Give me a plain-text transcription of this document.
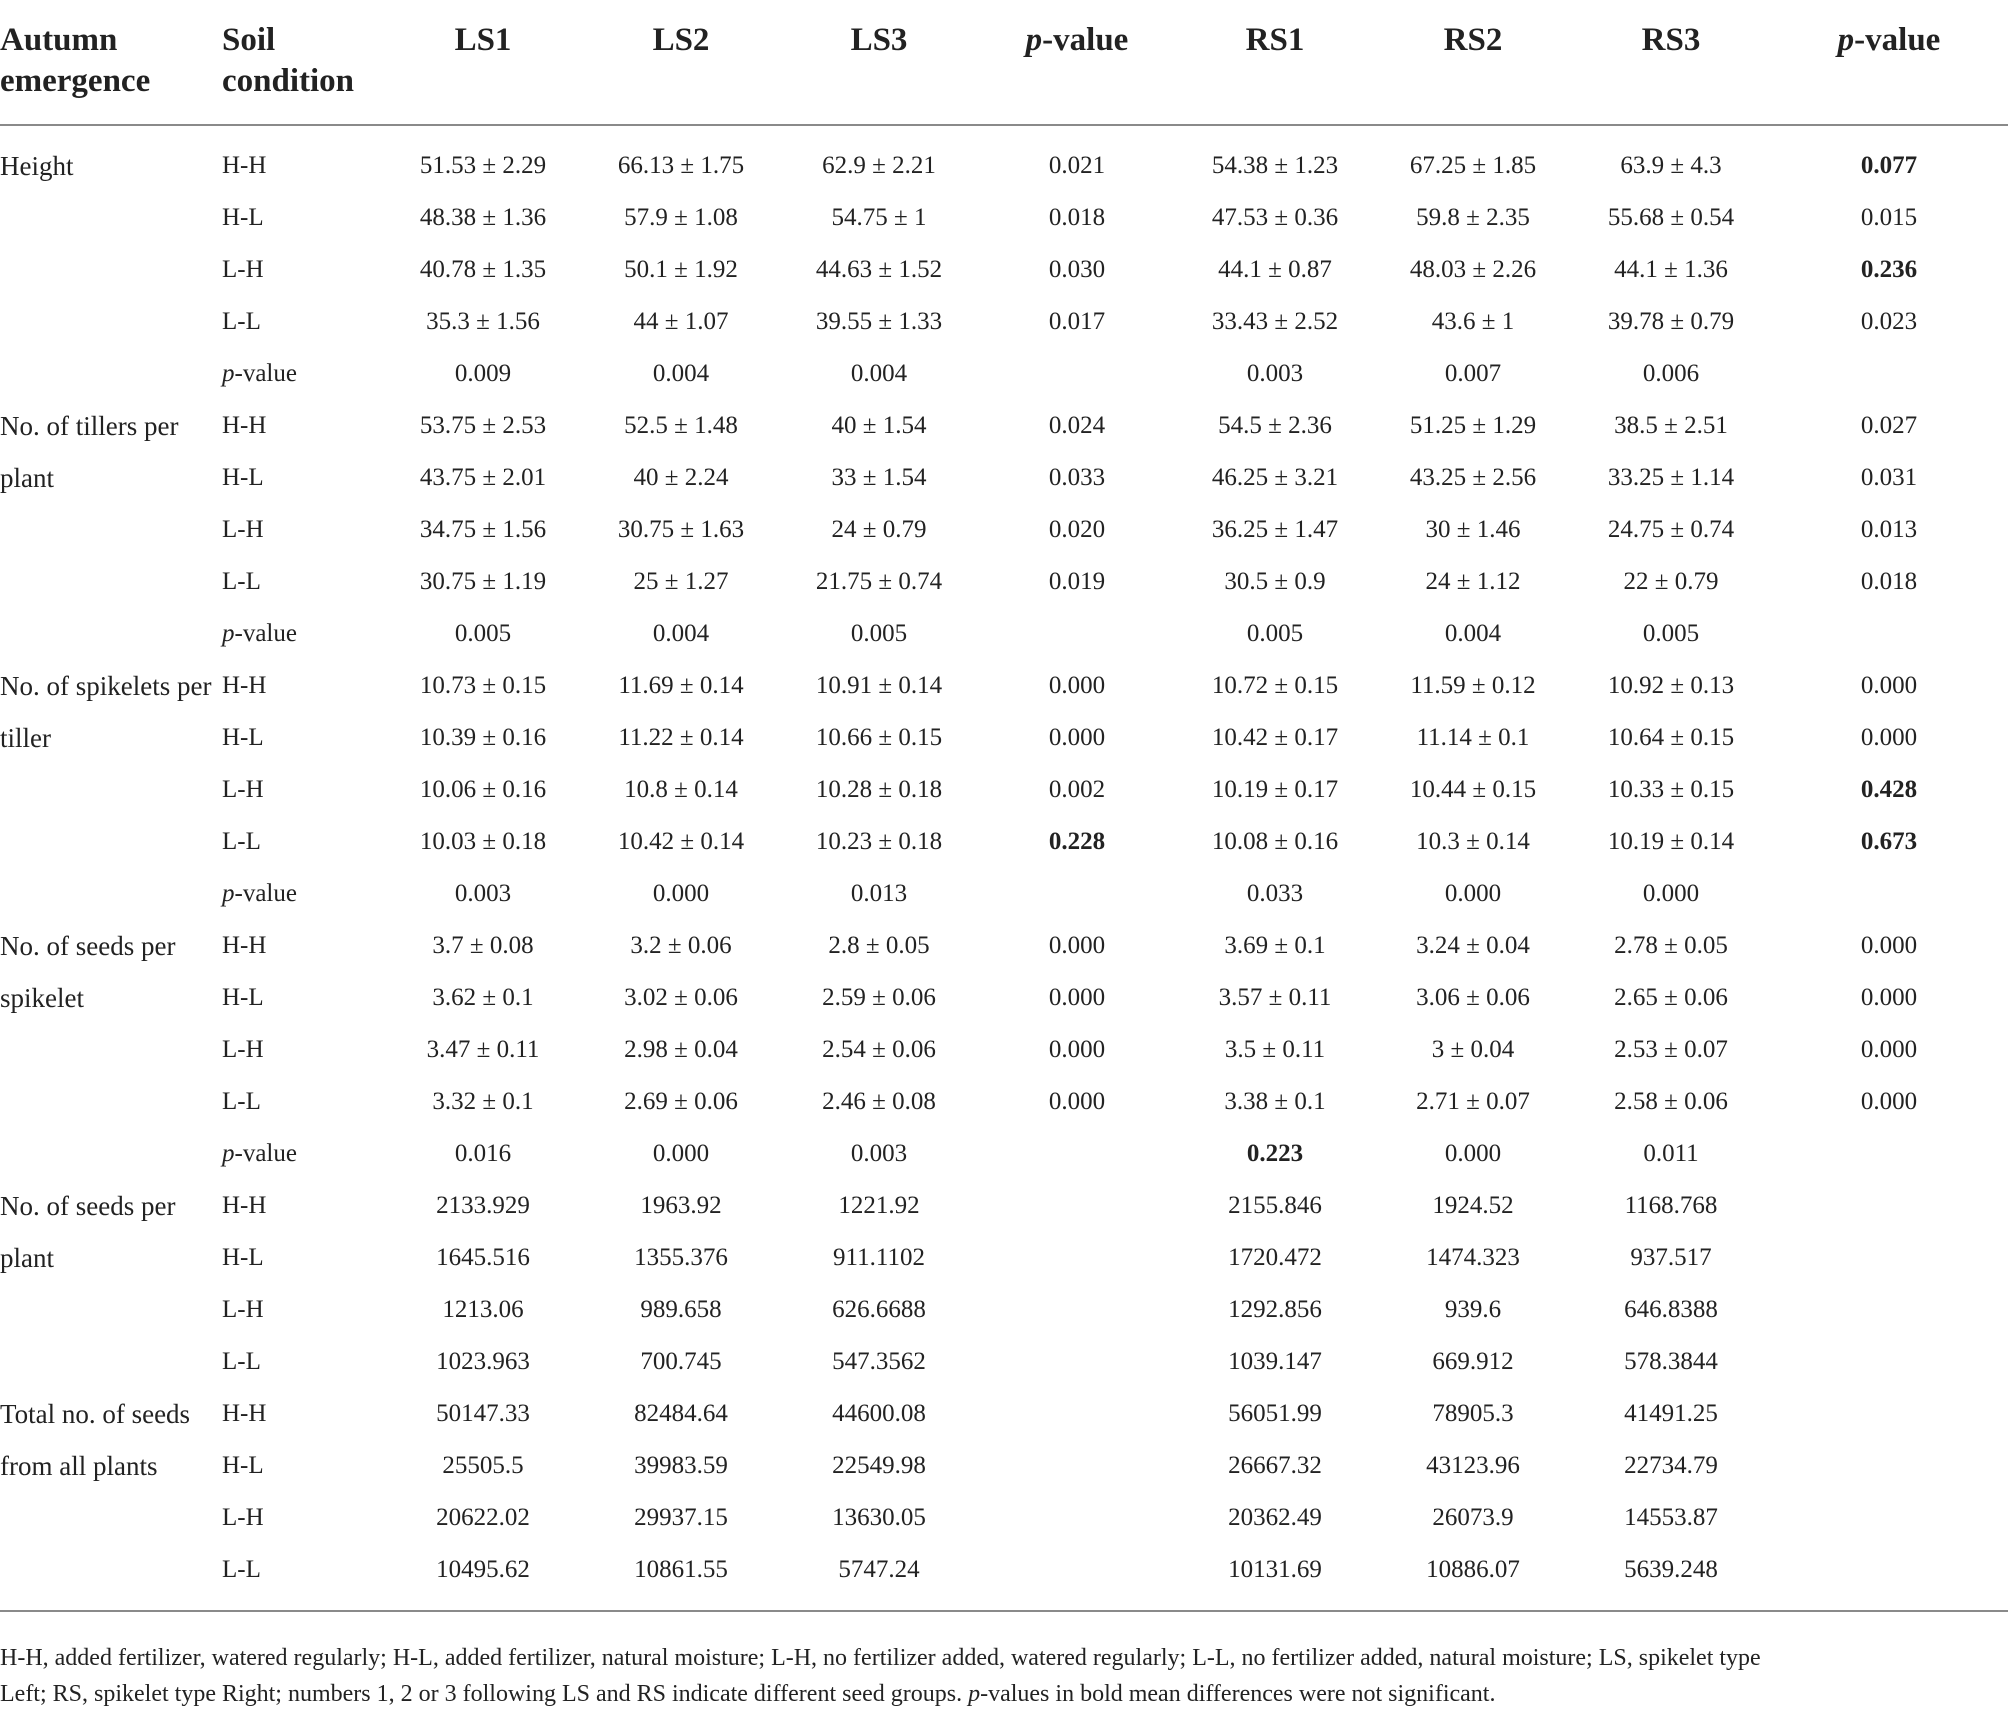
Autumn emergence	Soil condition	LS1	LS2	LS3	p-value	RS1	RS2	RS3	p-value
Height	H-H	51.53 ± 2.29	66.13 ± 1.75	62.9 ± 2.21	0.021	54.38 ± 1.23	67.25 ± 1.85	63.9 ± 4.3	0.077
	H-L	48.38 ± 1.36	57.9 ± 1.08	54.75 ± 1	0.018	47.53 ± 0.36	59.8 ± 2.35	55.68 ± 0.54	0.015
	L-H	40.78 ± 1.35	50.1 ± 1.92	44.63 ± 1.52	0.030	44.1 ± 0.87	48.03 ± 2.26	44.1 ± 1.36	0.236
	L-L	35.3 ± 1.56	44 ± 1.07	39.55 ± 1.33	0.017	33.43 ± 2.52	43.6 ± 1	39.78 ± 0.79	0.023
	p-value	0.009	0.004	0.004		0.003	0.007	0.006	
No. of tillers per plant	H-H	53.75 ± 2.53	52.5 ± 1.48	40 ± 1.54	0.024	54.5 ± 2.36	51.25 ± 1.29	38.5 ± 2.51	0.027
	H-L	43.75 ± 2.01	40 ± 2.24	33 ± 1.54	0.033	46.25 ± 3.21	43.25 ± 2.56	33.25 ± 1.14	0.031
	L-H	34.75 ± 1.56	30.75 ± 1.63	24 ± 0.79	0.020	36.25 ± 1.47	30 ± 1.46	24.75 ± 0.74	0.013
	L-L	30.75 ± 1.19	25 ± 1.27	21.75 ± 0.74	0.019	30.5 ± 0.9	24 ± 1.12	22 ± 0.79	0.018
	p-value	0.005	0.004	0.005		0.005	0.004	0.005	
No. of spikelets per tiller	H-H	10.73 ± 0.15	11.69 ± 0.14	10.91 ± 0.14	0.000	10.72 ± 0.15	11.59 ± 0.12	10.92 ± 0.13	0.000
	H-L	10.39 ± 0.16	11.22 ± 0.14	10.66 ± 0.15	0.000	10.42 ± 0.17	11.14 ± 0.1	10.64 ± 0.15	0.000
	L-H	10.06 ± 0.16	10.8 ± 0.14	10.28 ± 0.18	0.002	10.19 ± 0.17	10.44 ± 0.15	10.33 ± 0.15	0.428
	L-L	10.03 ± 0.18	10.42 ± 0.14	10.23 ± 0.18	0.228	10.08 ± 0.16	10.3 ± 0.14	10.19 ± 0.14	0.673
	p-value	0.003	0.000	0.013		0.033	0.000	0.000	
No. of seeds per spikelet	H-H	3.7 ± 0.08	3.2 ± 0.06	2.8 ± 0.05	0.000	3.69 ± 0.1	3.24 ± 0.04	2.78 ± 0.05	0.000
	H-L	3.62 ± 0.1	3.02 ± 0.06	2.59 ± 0.06	0.000	3.57 ± 0.11	3.06 ± 0.06	2.65 ± 0.06	0.000
	L-H	3.47 ± 0.11	2.98 ± 0.04	2.54 ± 0.06	0.000	3.5 ± 0.11	3 ± 0.04	2.53 ± 0.07	0.000
	L-L	3.32 ± 0.1	2.69 ± 0.06	2.46 ± 0.08	0.000	3.38 ± 0.1	2.71 ± 0.07	2.58 ± 0.06	0.000
	p-value	0.016	0.000	0.003		0.223	0.000	0.011	
No. of seeds per plant	H-H	2133.929	1963.92	1221.92		2155.846	1924.52	1168.768	
	H-L	1645.516	1355.376	911.1102		1720.472	1474.323	937.517	
	L-H	1213.06	989.658	626.6688		1292.856	939.6	646.8388	
	L-L	1023.963	700.745	547.3562		1039.147	669.912	578.3844	
Total no. of seeds from all plants	H-H	50147.33	82484.64	44600.08		56051.99	78905.3	41491.25	
	H-L	25505.5	39983.59	22549.98		26667.32	43123.96	22734.79	
	L-H	20622.02	29937.15	13630.05		20362.49	26073.9	14553.87	
	L-L	10495.62	10861.55	5747.24		10131.69	10886.07	5639.248	

H-H, added fertilizer, watered regularly; H-L, added fertilizer, natural moisture; L-H, no fertilizer added, watered regularly; L-L, no fertilizer added, natural moisture; LS, spikelet type

Left; RS, spikelet type Right; numbers 1, 2 or 3 following LS and RS indicate different seed groups. p-values in bold mean differences were not significant.
